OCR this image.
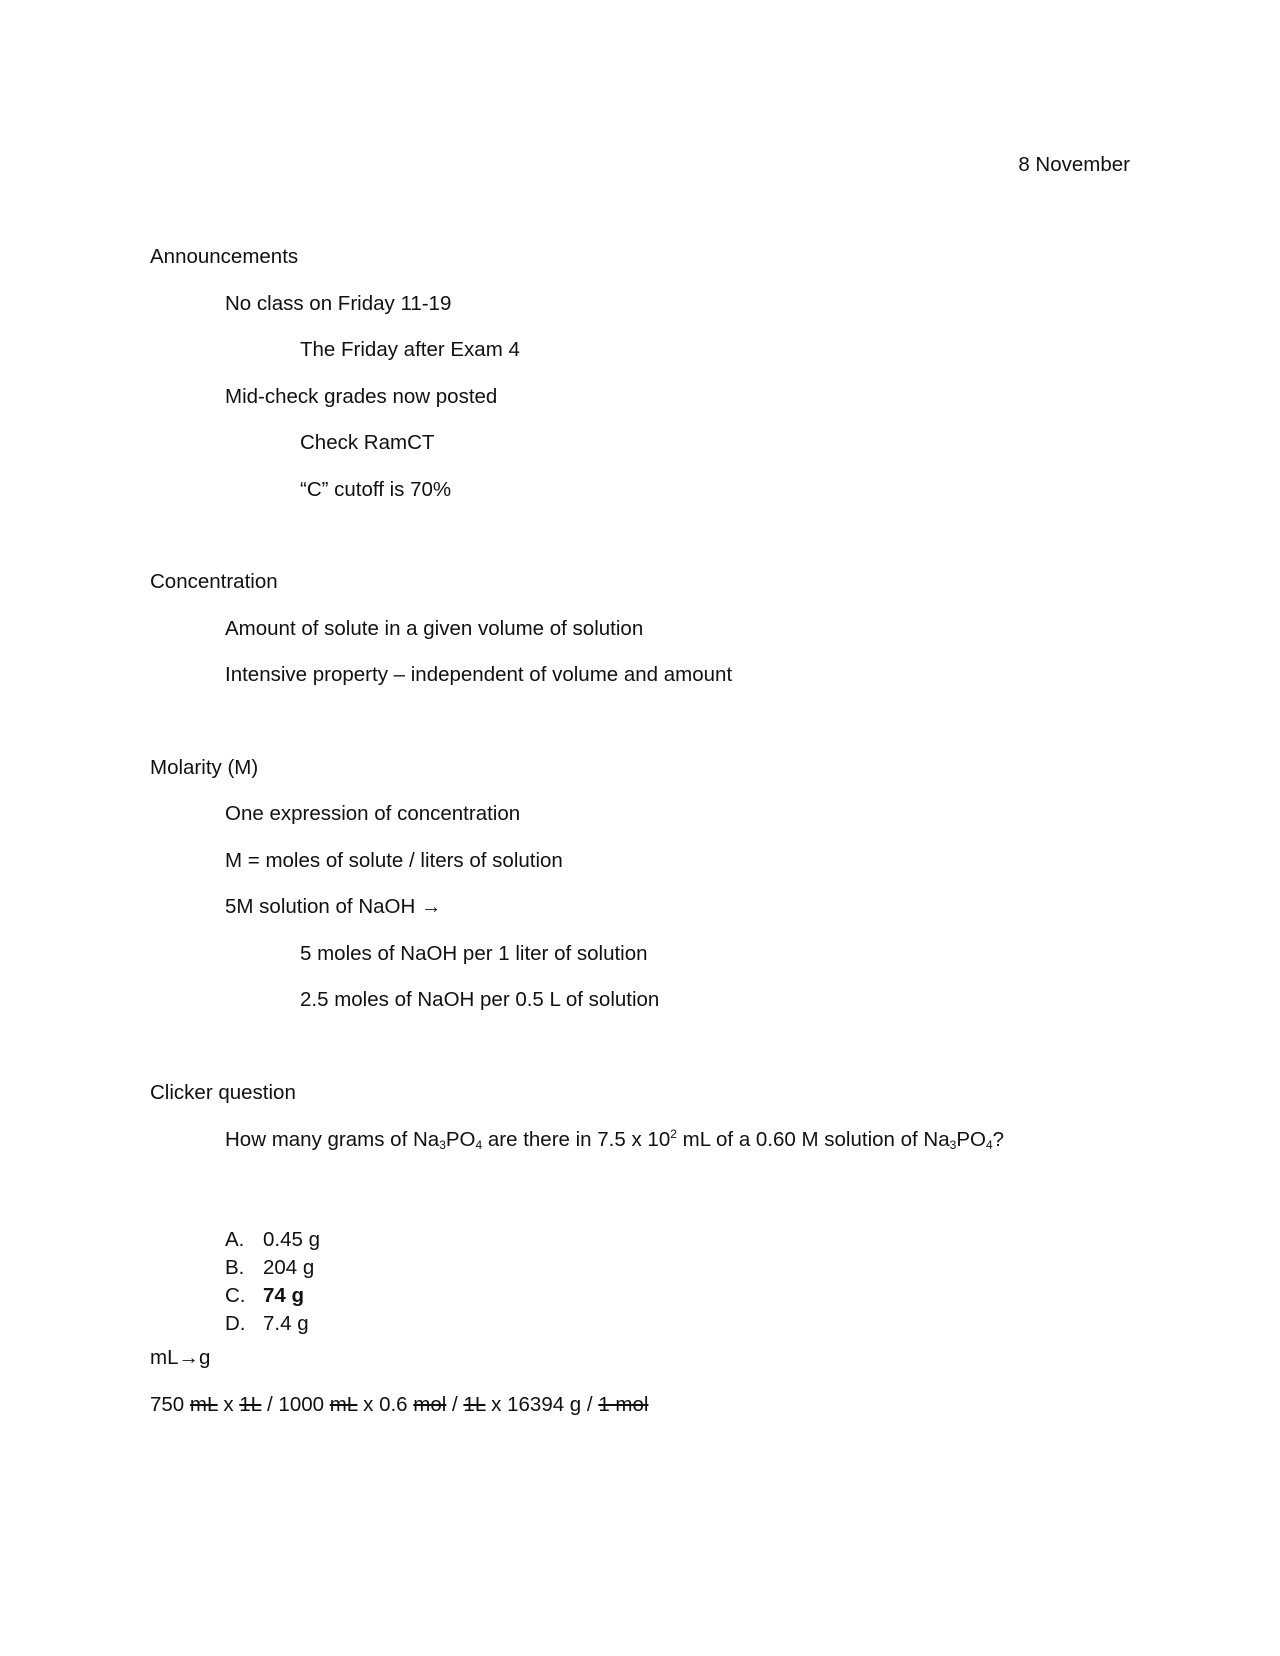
8 November
Announcements
No class on Friday 11-19
The Friday after Exam 4
Mid-check grades now posted
Check RamCT
“C” cutoff is 70%
Concentration
Amount of solute in a given volume of solution
Intensive property – independent of volume and amount
Molarity (M)
One expression of concentration
M = moles of solute / liters of solution
5M solution of NaOH →
5 moles of NaOH per 1 liter of solution
2.5 moles of NaOH per 0.5 L of solution
Clicker question
How many grams of $Na_3PO_4$ are there in 7.5 x $10^2$ mL of a 0.60 M solution of $Na_3PO_4$?
A. 0.45 g
B. 204 g
C. 74 g
D. 7.4 g
mL→g
750 mL x 1L / 1000 mL x 0.6 mol / 1L x 16394 g / 1 mol
